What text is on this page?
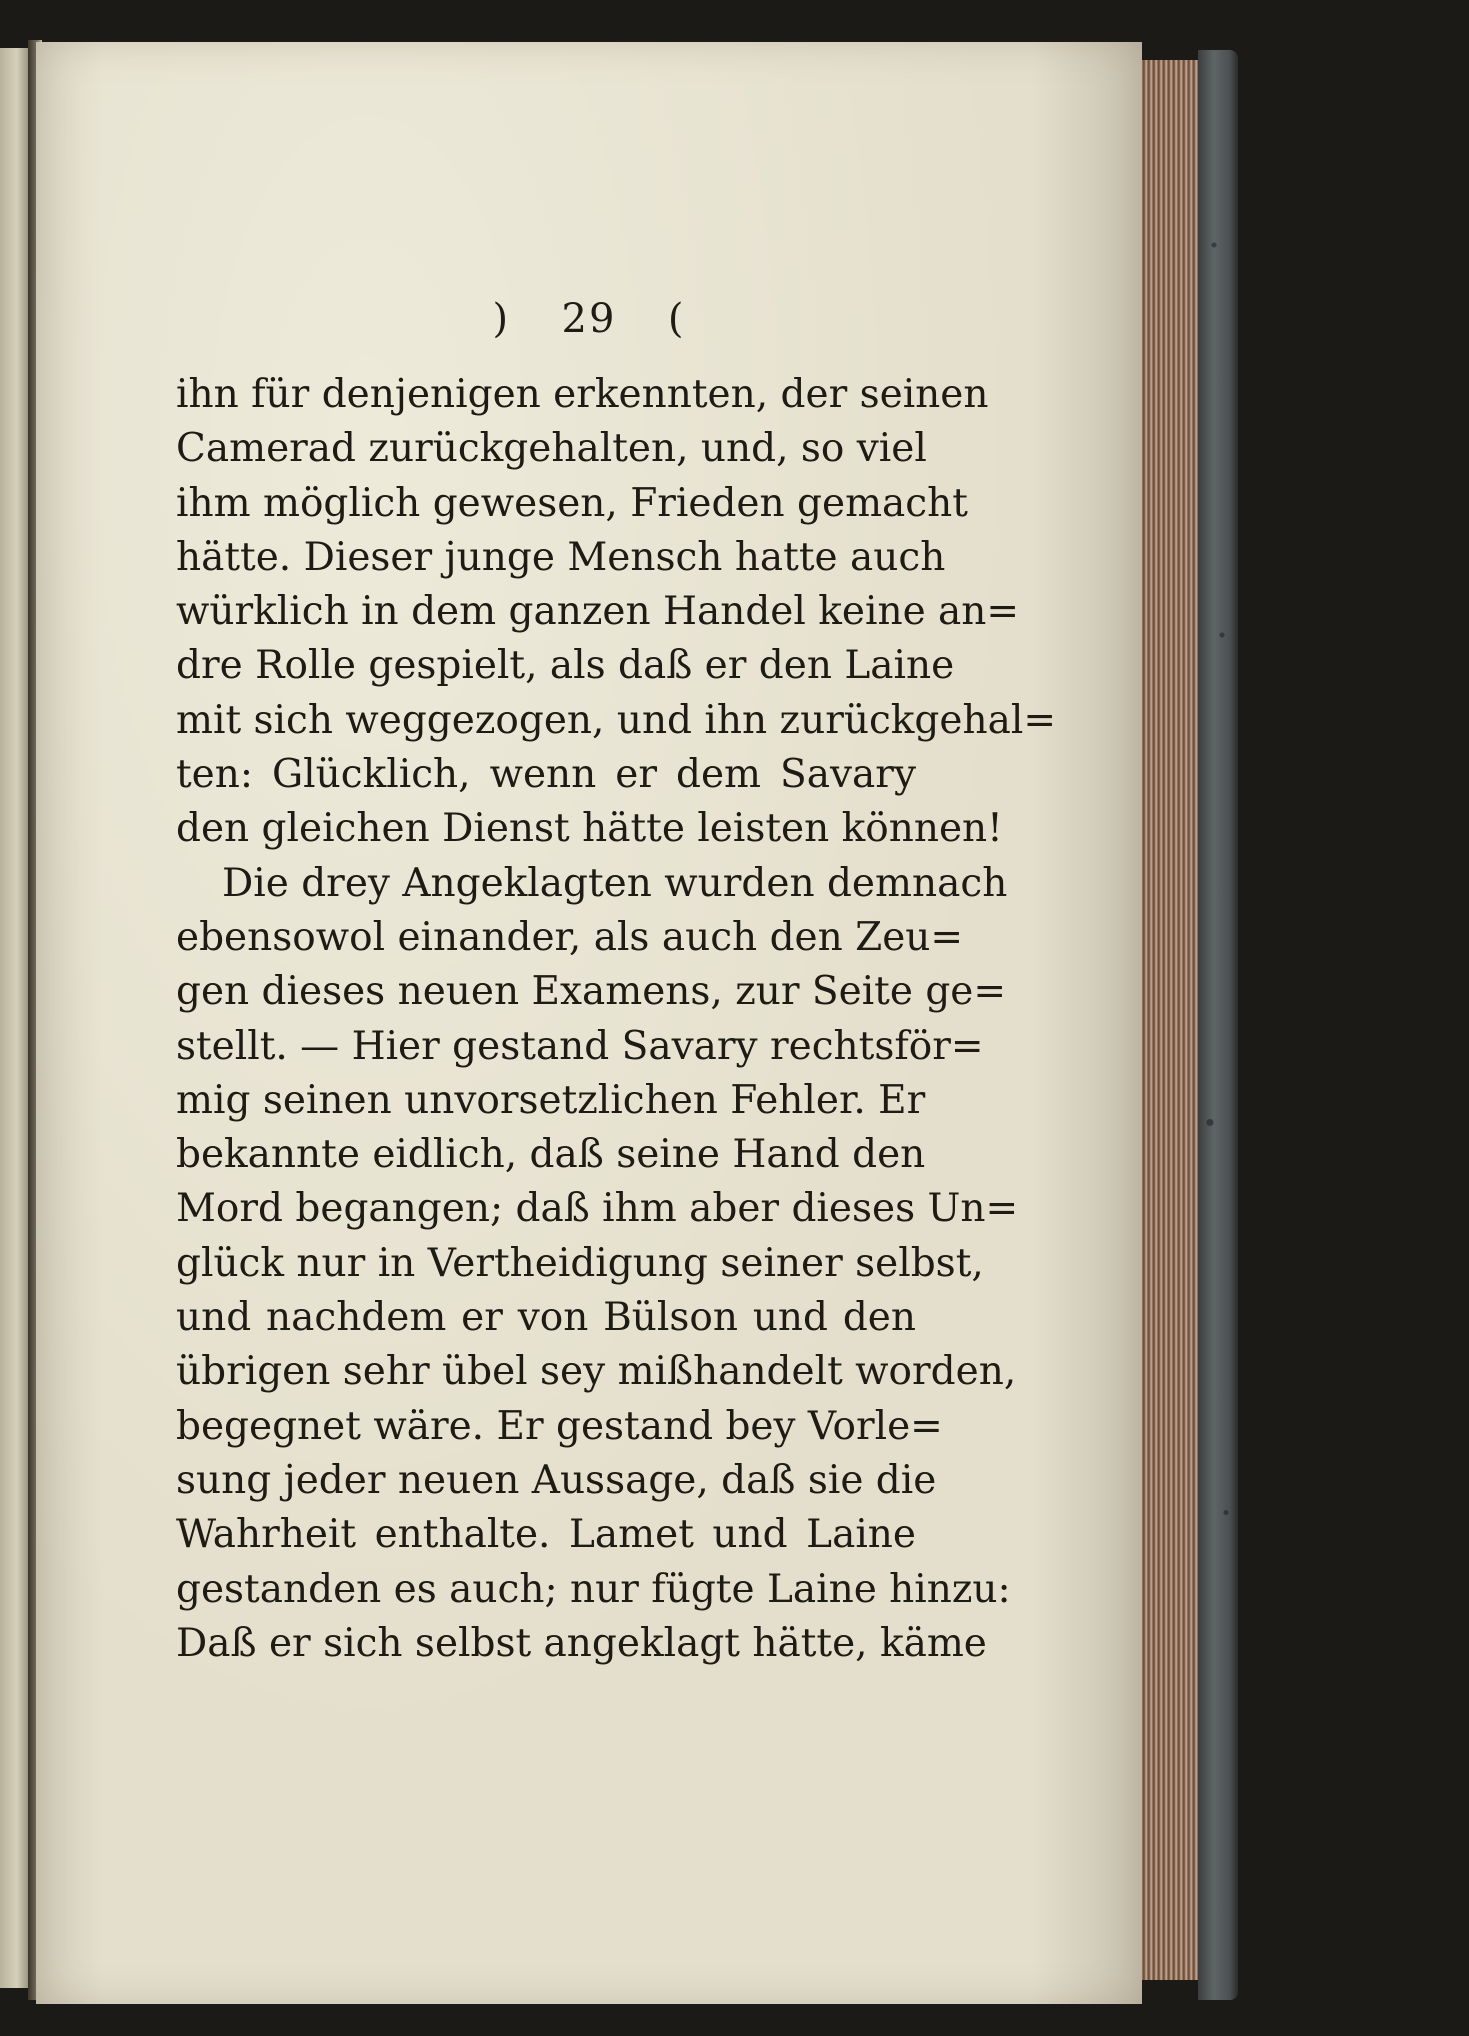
) 29 (
ihn für denjenigen erkennten, der seinen
Camerad zurückgehalten, und, so viel
ihm möglich gewesen, Frieden gemacht
hätte. Dieser junge Mensch hatte auch
würklich in dem ganzen Handel keine an=
dre Rolle gespielt, als daß er den Laine
mit sich weggezogen, und ihn zurückgehal=
ten: Glücklich, wenn er dem Savary
den gleichen Dienst hätte leisten können!
Die drey Angeklagten wurden demnach
ebensowol einander, als auch den Zeu=
gen dieses neuen Examens, zur Seite ge=
stellt. — Hier gestand Savary rechtsför=
mig seinen unvorsetzlichen Fehler. Er
bekannte eidlich, daß seine Hand den
Mord begangen; daß ihm aber dieses Un=
glück nur in Vertheidigung seiner selbst,
und nachdem er von Bülson und den
übrigen sehr übel sey mißhandelt worden,
begegnet wäre. Er gestand bey Vorle=
sung jeder neuen Aussage, daß sie die
Wahrheit enthalte. Lamet und Laine
gestanden es auch; nur fügte Laine hinzu:
Daß er sich selbst angeklagt hätte, käme
